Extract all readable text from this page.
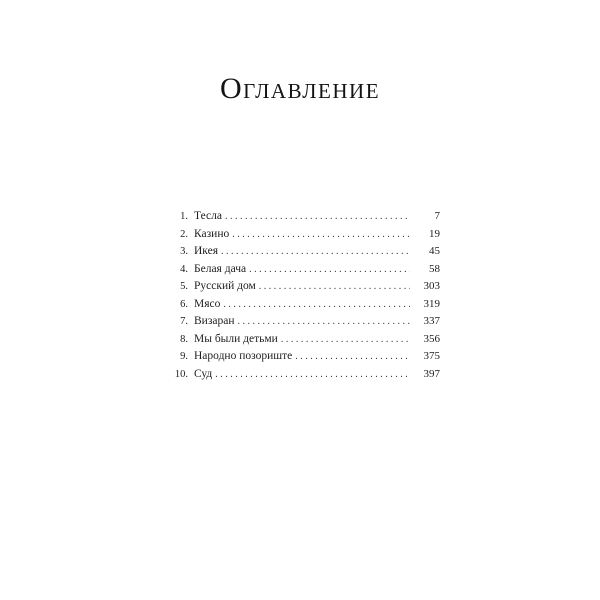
Оглавление
1. Тесла . . .	7
2. Казино . . .	19
3. Икея . . .	45
4. Белая дача . . .	58
5. Русский дом . . .	303
6. Мясо . . .	319
7. Визаран . . .	337
8. Мы были детьми . . .	356
9. Народно позориште . . .	375
10. Суд . . .	397
